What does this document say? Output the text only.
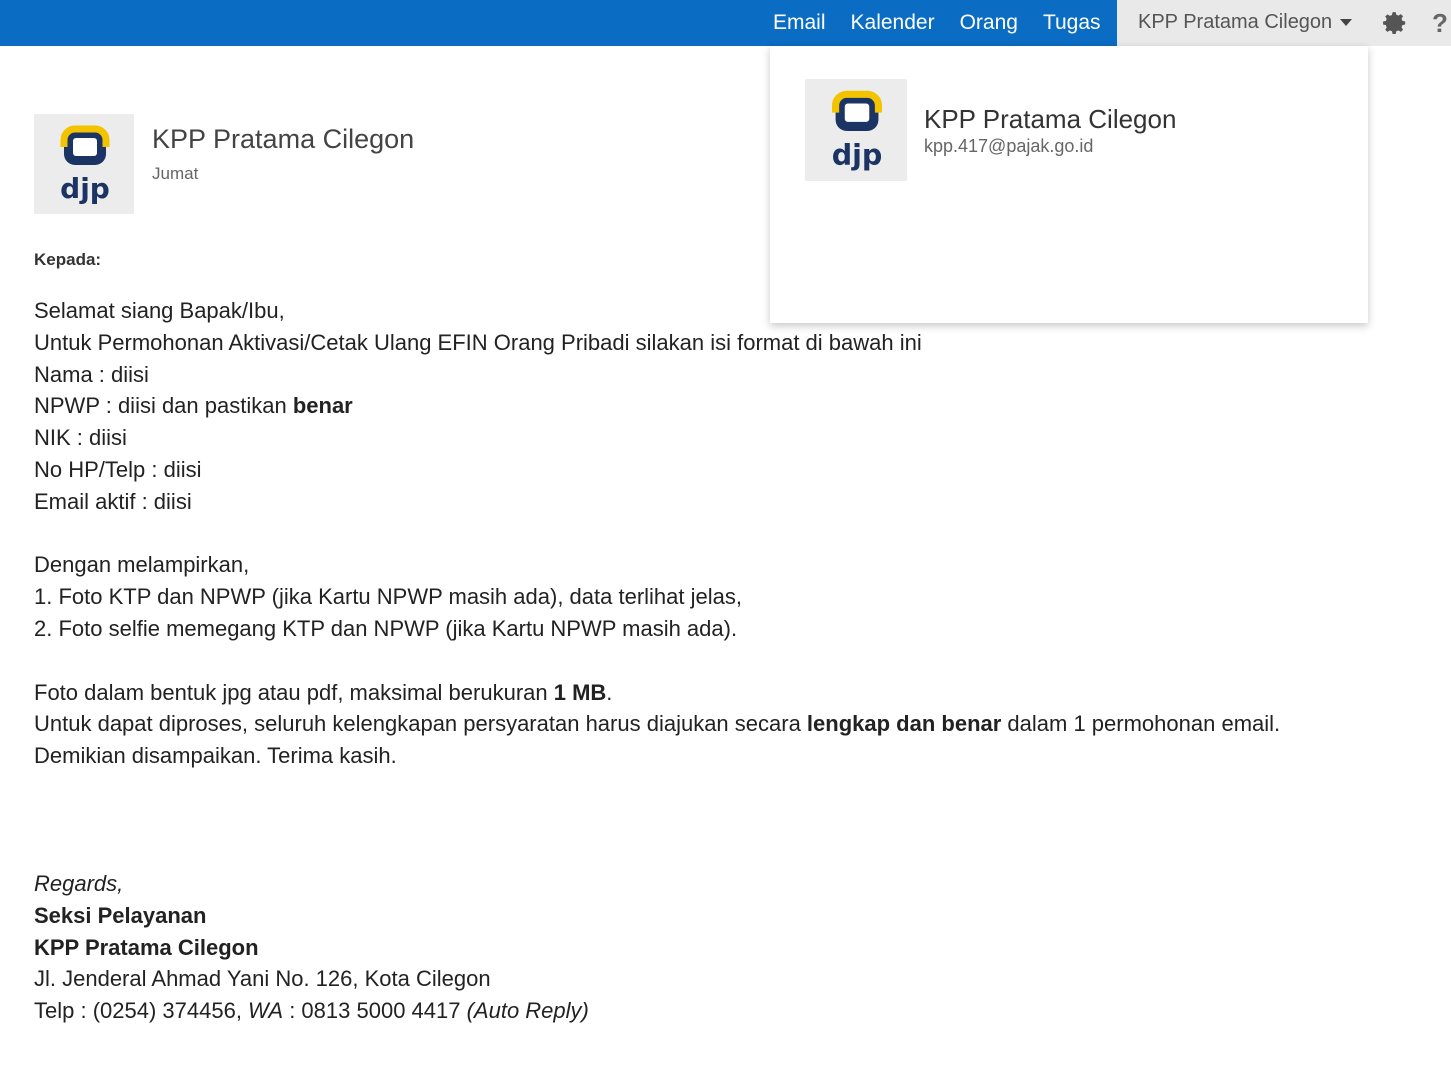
Email Kalender Orang Tugas KPP Pratama Cilegon	?
djp
KPP Pratama Cilegon
Jumat
Kepada:
Selamat siang Bapak/Ibu,
Untuk Permohonan Aktivasi/Cetak Ulang EFIN Orang Pribadi silakan isi format di bawah ini
Nama : diisi
NPWP : diisi dan pastikan benar
NIK : diisi
No HP/Telp : diisi
Email aktif : diisi
Dengan melampirkan,
1. Foto KTP dan NPWP (jika Kartu NPWP masih ada), data terlihat jelas,
2. Foto selfie memegang KTP dan NPWP (jika Kartu NPWP masih ada).
Foto dalam bentuk jpg atau pdf, maksimal berukuran 1 MB.
Untuk dapat diproses, seluruh kelengkapan persyaratan harus diajukan secara lengkap dan benar dalam 1 permohonan email.
Demikian disampaikan. Terima kasih.
Regards,
Seksi Pelayanan
KPP Pratama Cilegon
Jl. Jenderal Ahmad Yani No. 126, Kota Cilegon
Telp : (0254) 374456, WA : 0813 5000 4417 (Auto Reply)
djp
KPP Pratama Cilegon
kpp.417@pajak.go.id
